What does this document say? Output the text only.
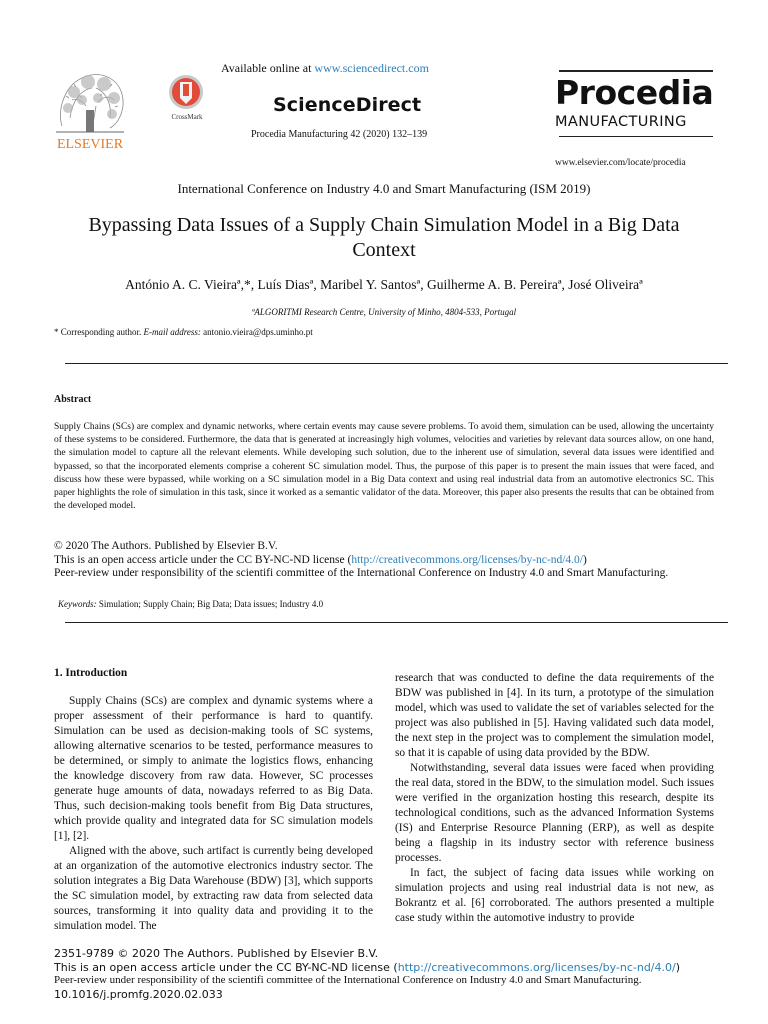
ELSEVIER
Available online at www.sciencedirect.com
CrossMark
ScienceDirect
Procedia Manufacturing 42 (2020) 132–139
Procedia
MANUFACTURING
www.elsevier.com/locate/procedia
International Conference on Industry 4.0 and Smart Manufacturing (ISM 2019)
Bypassing Data Issues of a Supply Chain Simulation Model in a Big Data Context
António A. C. Vieiraª,*, Luís Diasª, Maribel Y. Santosª, Guilherme A. B. Pereiraª, José Oliveiraª
ªALGORITMI Research Centre, University of Minho, 4804-533, Portugal
* Corresponding author. E-mail address: antonio.vieira@dps.uminho.pt
Abstract
Supply Chains (SCs) are complex and dynamic networks, where certain events may cause severe problems. To avoid them, simulation can be used, allowing the uncertainty of these systems to be considered. Furthermore, the data that is generated at increasingly high volumes, velocities and varieties by relevant data sources allow, on one hand, the simulation model to capture all the relevant elements. While developing such solution, due to the inherent use of simulation, several data issues were identified and bypassed, so that the incorporated elements comprise a coherent SC simulation model. Thus, the purpose of this paper is to present the main issues that were faced, and discuss how these were bypassed, while working on a SC simulation model in a Big Data context and using real industrial data from an automotive electronics SC. This paper highlights the role of simulation in this task, since it worked as a semantic validator of the data. Moreover, this paper also presents the results that can be obtained from the developed model.
© 2020 The Authors. Published by Elsevier B.V.
This is an open access article under the CC BY-NC-ND license (http://creativecommons.org/licenses/by-nc-nd/4.0/)
Peer-review under responsibility of the scientifi committee of the International Conference on Industry 4.0 and Smart Manufacturing.
Keywords: Simulation; Supply Chain; Big Data; Data issues; Industry 4.0
1. Introduction

Supply Chains (SCs) are complex and dynamic systems where a proper assessment of their performance is hard to quantify. Simulation can be used as decision-making tools of SC systems, allowing alternative scenarios to be tested, performance measures to be determined, or simply to animate the logistics flows, enhancing the knowledge discovery from raw data. However, SC processes generate huge amounts of data, nowadays referred to as Big Data. Thus, such decision-making tools benefit from Big Data structures, which provide quality and integrated data for SC simulation models [1], [2].

Aligned with the above, such artifact is currently being developed at an organization of the automotive electronics industry sector. The solution integrates a Big Data Warehouse (BDW) [3], which supports the SC simulation model, by extracting raw data from selected data sources, transforming it into quality data and providing it to the simulation model. The

research that was conducted to define the data requirements of the BDW was published in [4]. In its turn, a prototype of the simulation model, which was used to validate the set of variables selected for the project was also published in [5]. Having validated such data model, the next step in the project was to complement the simulation model, so that it is capable of using data provided by the BDW.

Notwithstanding, several data issues were faced when providing the real data, stored in the BDW, to the simulation model. Such issues were verified in the organization hosting this research, despite its technological conditions, such as the advanced Information Systems (IS) and Enterprise Resource Planning (ERP), as well as despite being a flagship in its industry sector with reference business processes.

In fact, the subject of facing data issues while working on simulation projects and using real industrial data is not new, as Bokrantz et al. [6] corroborated. The authors presented a multiple case study within the automotive industry to provide

2351-9789 © 2020 The Authors. Published by Elsevier B.V.
This is an open access article under the CC BY-NC-ND license (http://creativecommons.org/licenses/by-nc-nd/4.0/)
Peer-review under responsibility of the scientifi committee of the International Conference on Industry 4.0 and Smart Manufacturing.
10.1016/j.promfg.2020.02.033
